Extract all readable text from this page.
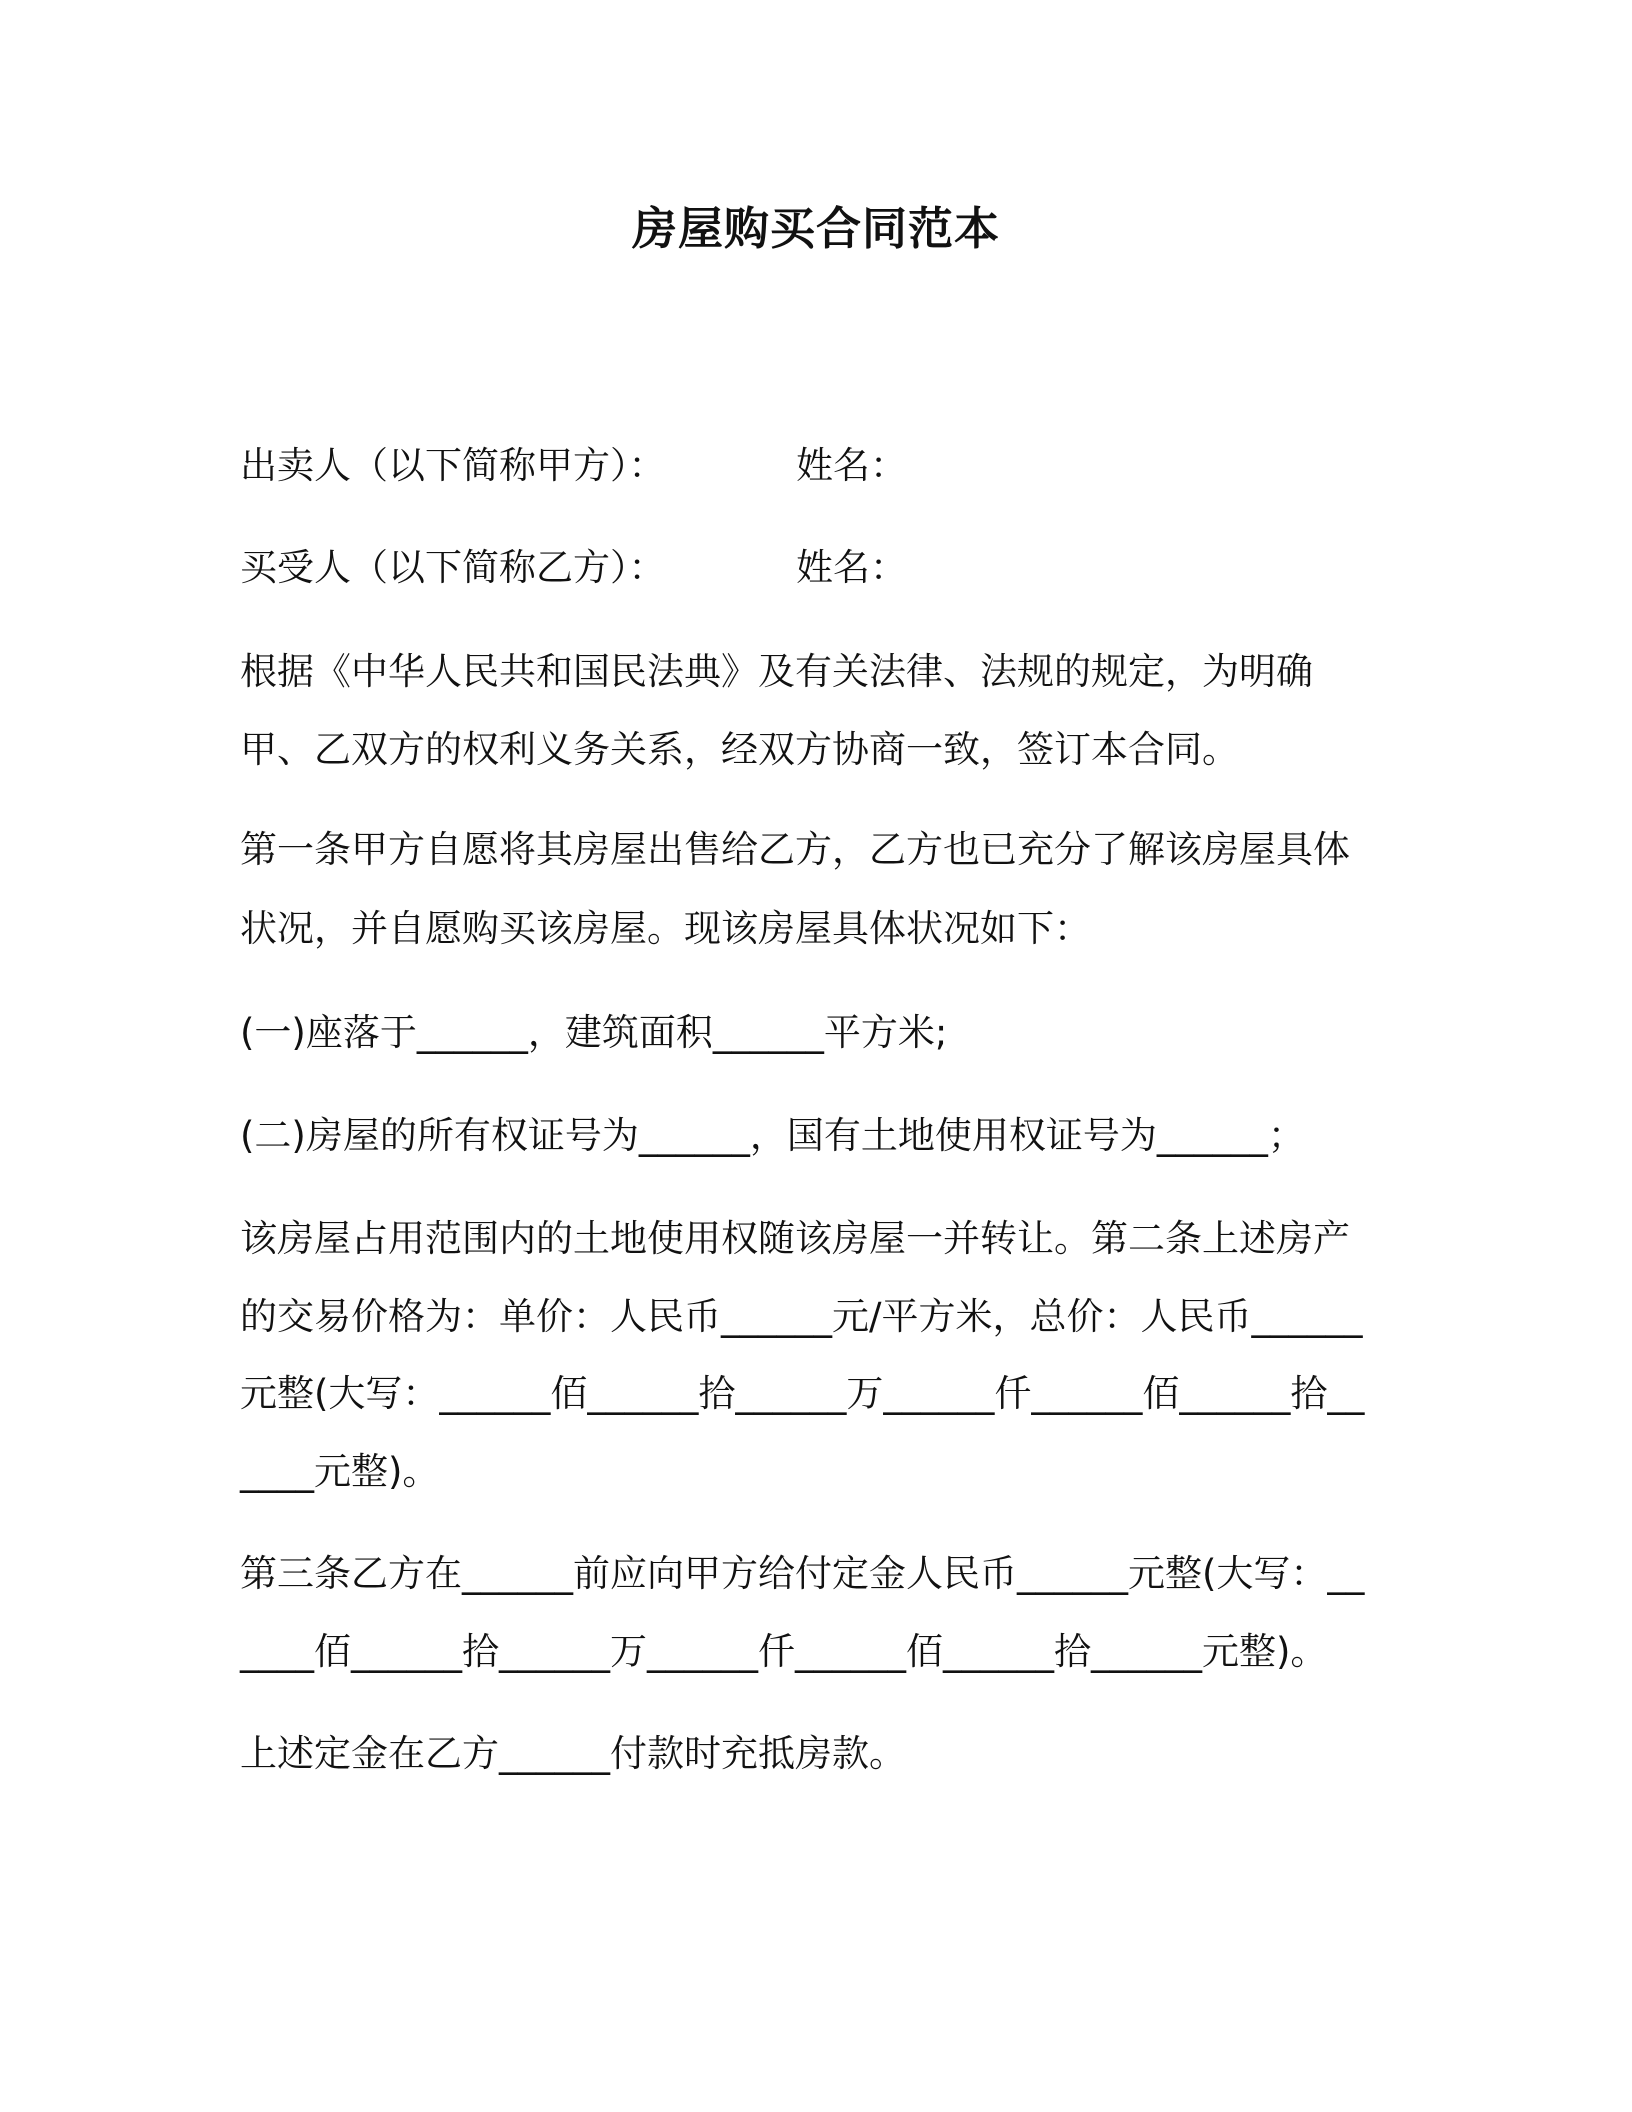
房屋购买合同范本
出卖人（以下简称甲方）：	姓名：
买受人（以下简称乙方）：	姓名：

根据《中华人民共和国民法典》及有关法律、法规的规定，为明确

甲、乙双方的权利义务关系，经双方协商一致，签订本合同。

第一条甲方自愿将其房屋出售给乙方，乙方也已充分了解该房屋具体

状况，并自愿购买该房屋。现该房屋具体状况如下：

(一)座落于______，建筑面积______平方米;

(二)房屋的所有权证号为______，国有土地使用权证号为______；

该房屋占用范围内的土地使用权随该房屋一并转让。第二条上述房产

的交易价格为：单价：人民币______元/平方米，总价：人民币______

元整(大写：______佰______拾______万______仟______佰______拾__

____元整)。

第三条乙方在______前应向甲方给付定金人民币______元整(大写：__

____佰______拾______万______仟______佰______拾______元整)。

上述定金在乙方______付款时充抵房款。
